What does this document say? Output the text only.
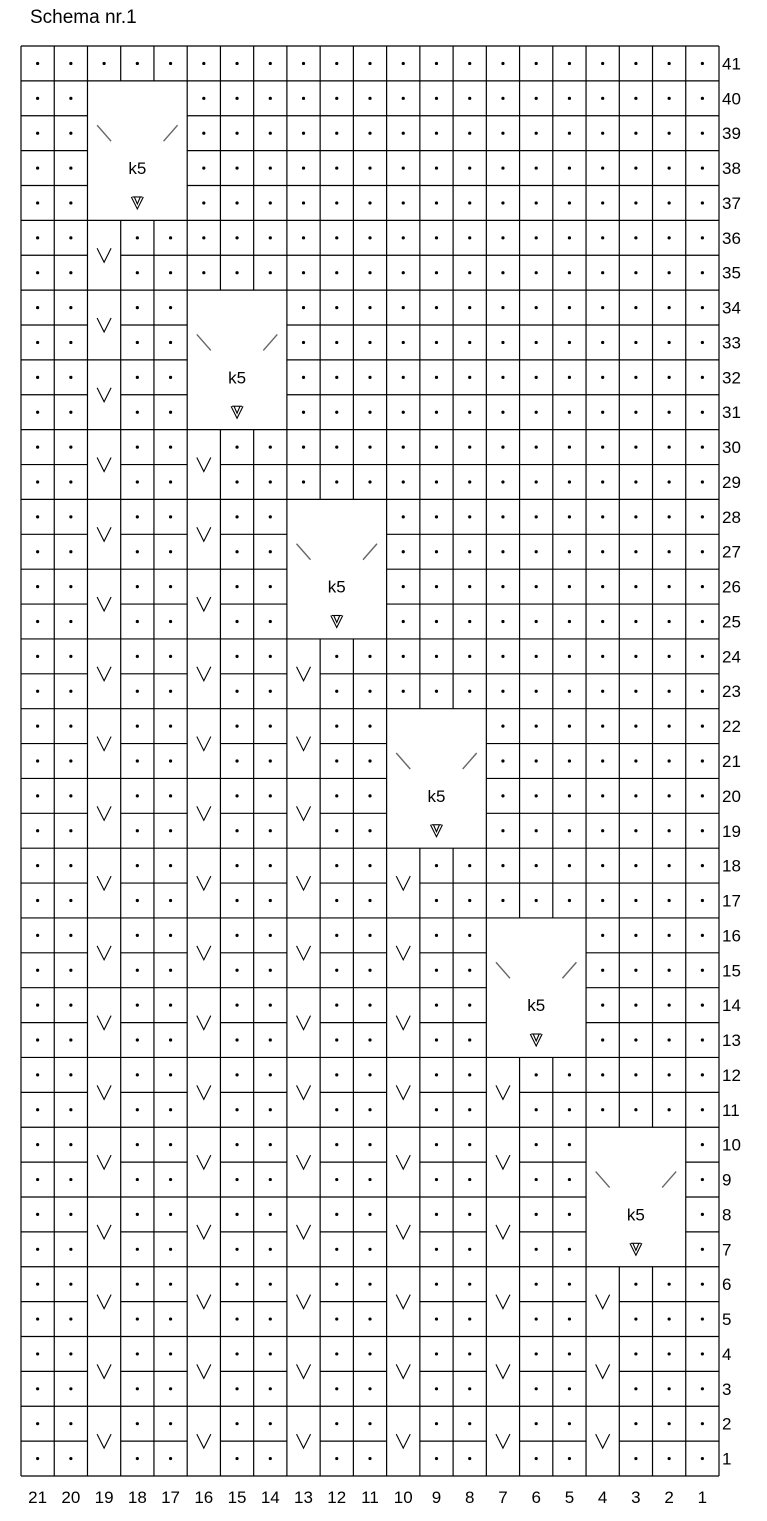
Schema nr.1
k5
k5
k5
k5
k5
k5
1
2
3
4
5
6
7
8
9
10
11
12
13
14
15
16
17
18
19
20
21
22
23
24
25
26
27
28
29
30
31
32
33
34
35
36
37
38
39
40
41
21 20 19 18 17 16 15 14 13 12 11 10 9 8 7 6 5 4 3 2 1
